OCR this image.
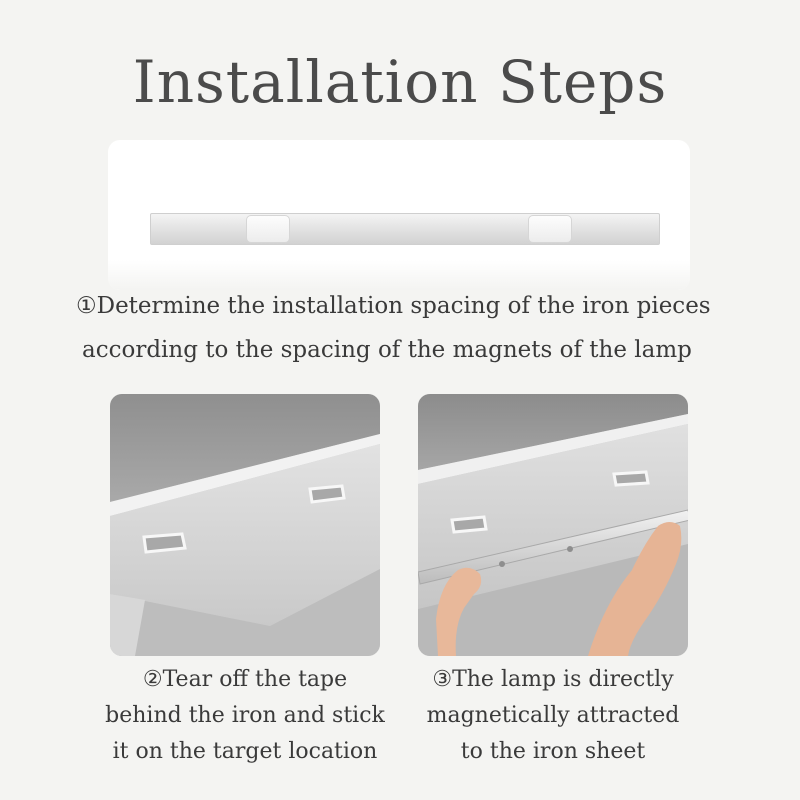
Installation Steps
①Determine the installation spacing of the iron pieces
according to the spacing of the magnets of the lamp
②Tear off the tape
behind the iron and stick
it on the target location
③The lamp is directly
magnetically attracted
to the iron sheet
